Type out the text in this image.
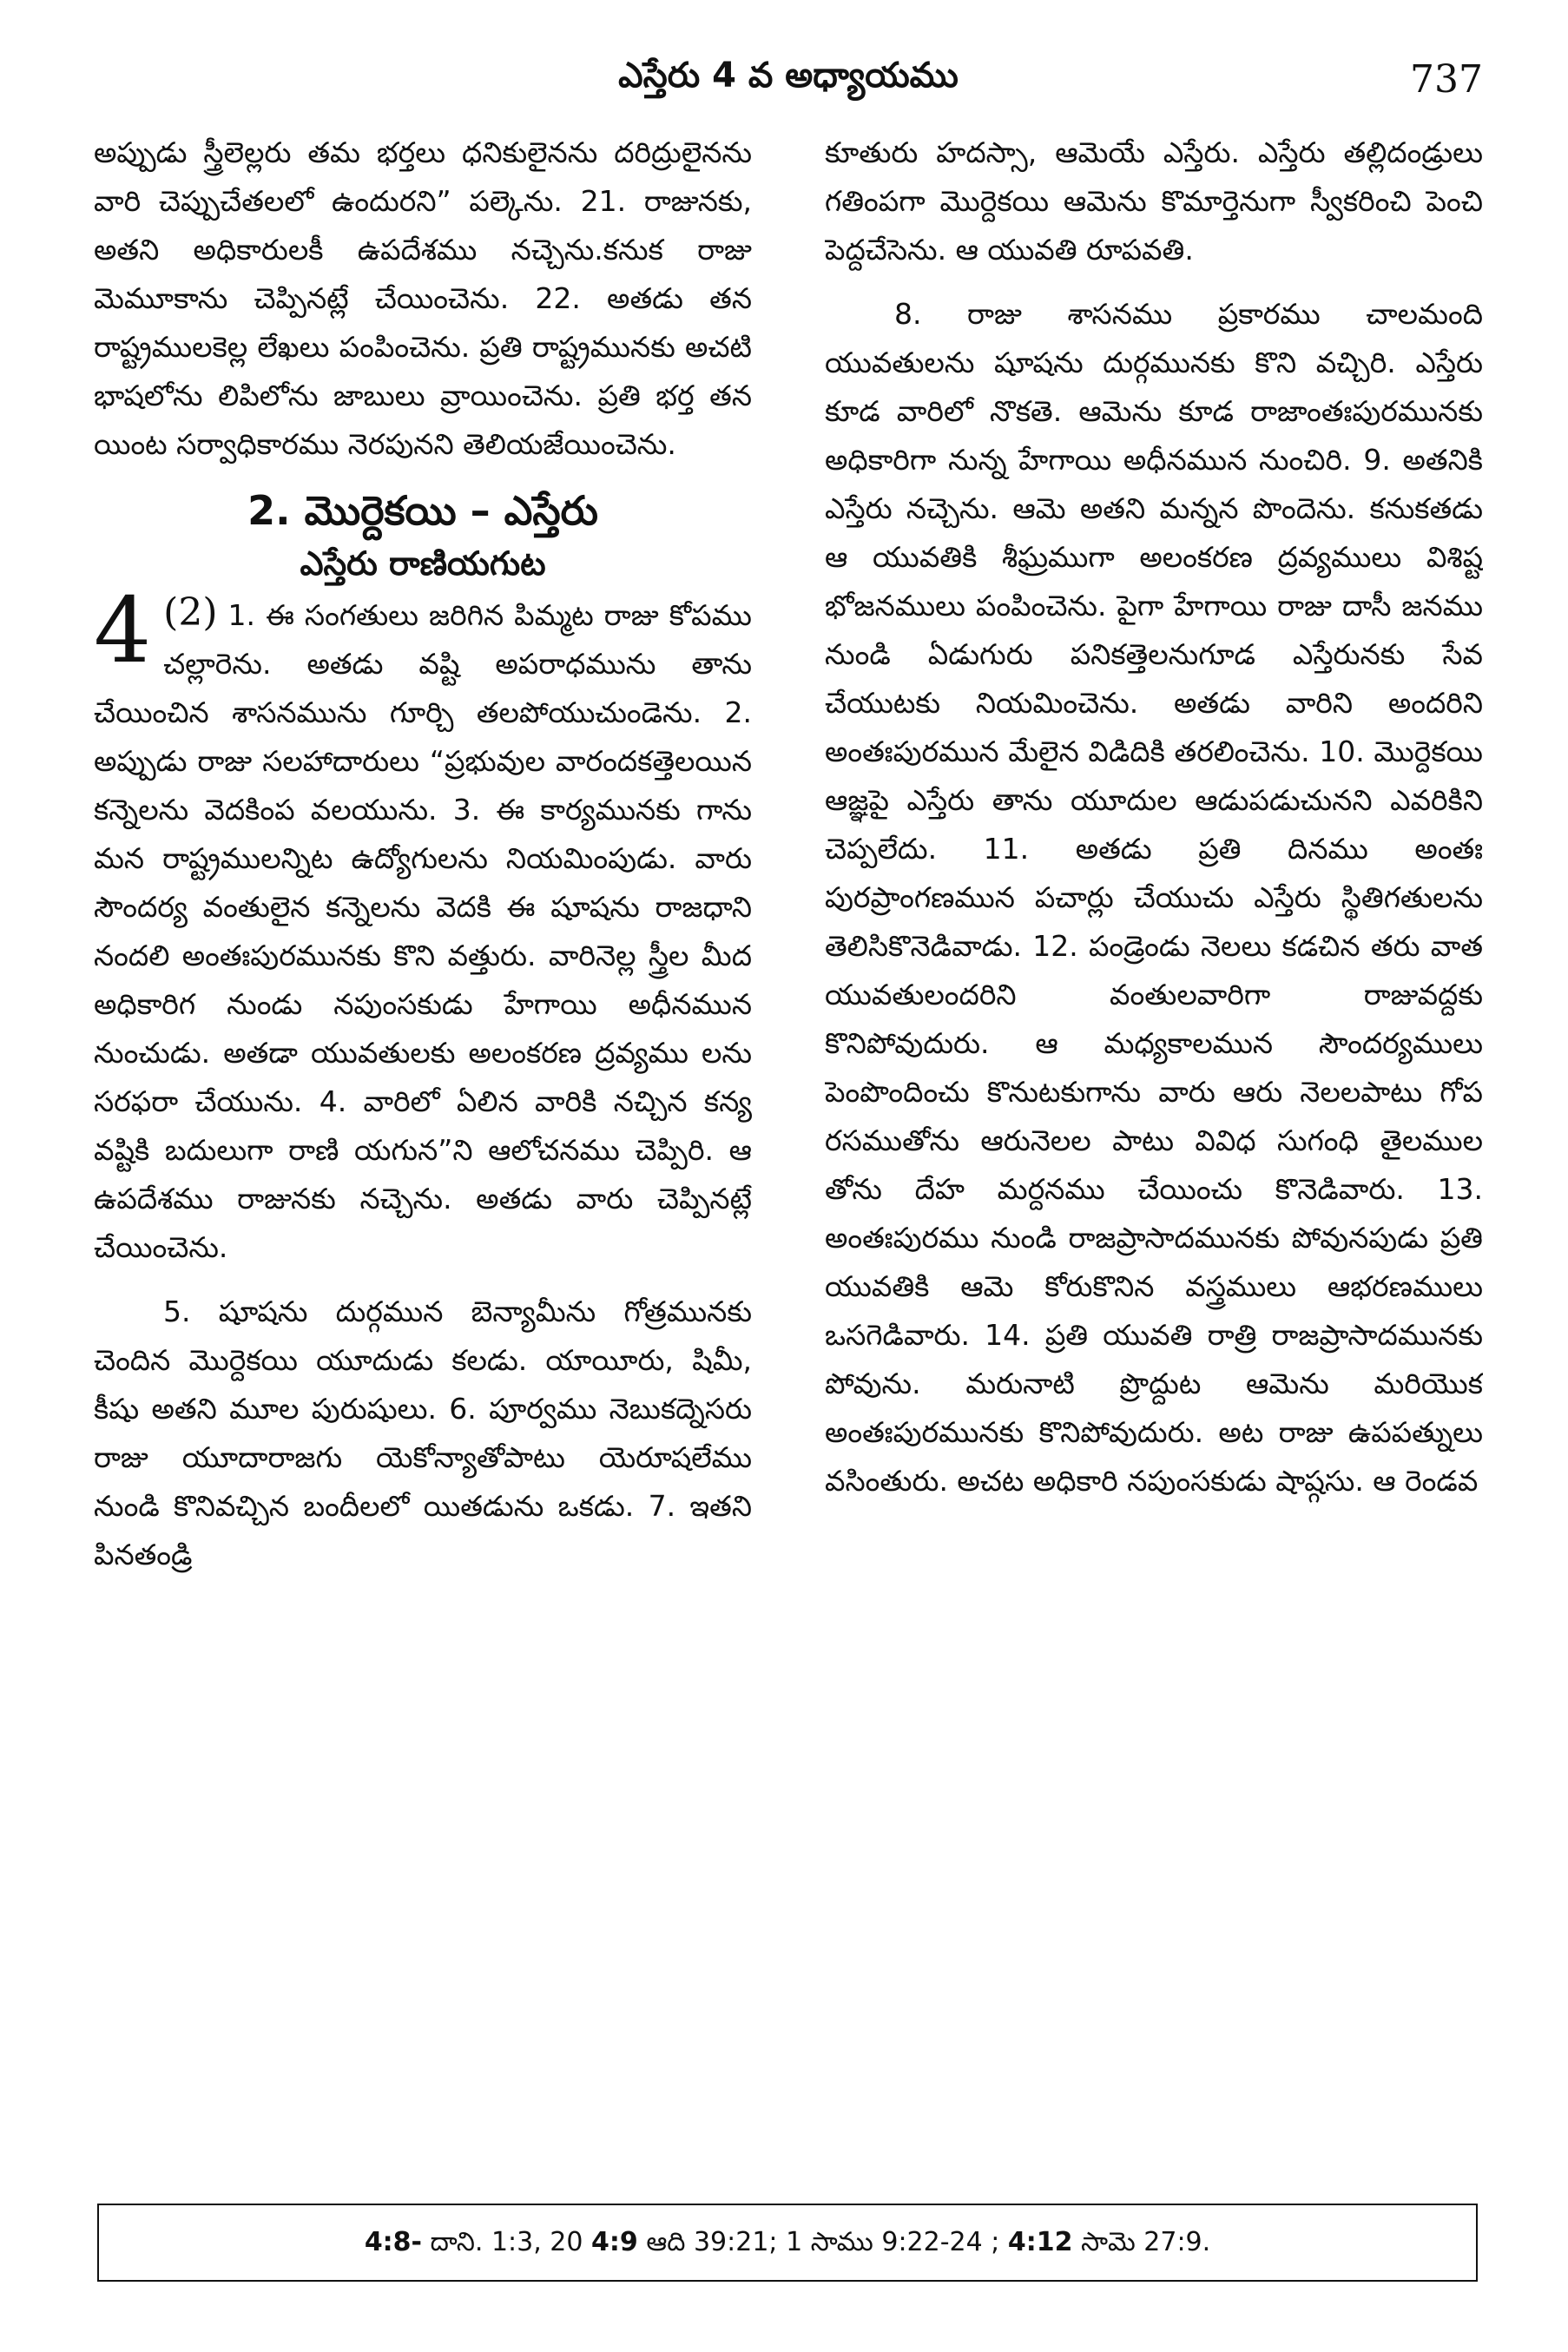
ఎస్తేరు 4 వ అధ్యాయము	737

అప్పుడు స్త్రీలెల్లరు తమ భర్తలు ధనికులైనను దరిద్రులైనను వారి చెప్పుచేతలలో ఉందురని” పల్కెను. 21. రాజునకు, అతని అధికారులకీ ఉపదేశము నచ్చెను.కనుక రాజు మెమూకాను చెప్పినట్లే చేయించెను. 22. అతడు తన రాష్ట్రములకెల్ల లేఖలు పంపించెను. ప్రతి రాష్ట్రమునకు అచటి భాషలోను లిపిలోను జాబులు వ్రాయించెను. ప్రతి భర్త తన యింట సర్వాధికారము నెరపునని తెలియజేయించెను.

2. మొర్దెకయి – ఎస్తేరు
ఎస్తేరు రాణియగుట

4 (2) 1. ఈ సంగతులు జరిగిన పిమ్మట రాజు కోపము చల్లారెను. అతడు వష్టి అపరాధమును తాను చేయించిన శాసనమును గూర్చి తలపోయుచుండెను. 2. అప్పుడు రాజు సలహాదారులు “ప్రభువుల వారందకత్తెలయిన కన్నెలను వెదకింప వలయును. 3. ఈ కార్యమునకు గాను మన రాష్ట్రములన్నిట ఉద్యోగులను నియమింపుడు. వారు సౌందర్య వంతులైన కన్నెలను వెదకి ఈ షూషను రాజధాని నందలి అంతఃపురమునకు కొని వత్తురు. వారినెల్ల స్త్రీల మీద అధికారిగ నుండు నపుంసకుడు హేగాయి అధీనమున నుంచుడు. అతడా యువతులకు అలంకరణ ద్రవ్యము లను సరఫరా చేయును. 4. వారిలో ఏలిన వారికి నచ్చిన కన్య వష్టికి బదులుగా రాణి యగున”ని ఆలోచనము చెప్పిరి. ఆ ఉపదేశము రాజునకు నచ్చెను. అతడు వారు చెప్పినట్లే చేయించెను.

5. షూషను దుర్గమున బెన్యామీను గోత్రమునకు చెందిన మొర్దెకయి యూదుడు కలడు. యాయీరు, షిమీ, కీషు అతని మూల పురుషులు. 6. పూర్వము నెబుకద్నెసరు రాజు యూదారాజగు యెకోన్యాతోపాటు యెరూషలేము నుండి కొనివచ్చిన బందీలలో యితడును ఒకడు. 7. ఇతని పినతండ్రి

కూతురు హదస్సా, ఆమెయే ఎస్తేరు. ఎస్తేరు తల్లిదండ్రులు గతింపగా మొర్దెకయి ఆమెను కొమార్తెనుగా స్వీకరించి పెంచి పెద్దచేసెను. ఆ యువతి రూపవతి.

8. రాజు శాసనము ప్రకారము చాలమంది యువతులను షూషను దుర్గమునకు కొని వచ్చిరి. ఎస్తేరు కూడ వారిలో నొకతె. ఆమెను కూడ రాజాంతఃపురమునకు అధికారిగా నున్న హేగాయి అధీనమున నుంచిరి. 9. అతనికి ఎస్తేరు నచ్చెను. ఆమె అతని మన్నన పొందెను. కనుకతడు ఆ యువతికి శీఘ్రముగా అలంకరణ ద్రవ్యములు విశిష్ట భోజనములు పంపించెను. పైగా హేగాయి రాజు దాసీ జనము నుండి ఏడుగురు పనికత్తెలనుగూడ ఎస్తేరునకు సేవ చేయుటకు నియమించెను. అతడు వారిని అందరిని అంతఃపురమున మేలైన విడిదికి తరలించెను. 10. మొర్దెకయి ఆజ్ఞపై ఎస్తేరు తాను యూదుల ఆడుపడుచునని ఎవరికిని చెప్పలేదు. 11. అతడు ప్రతి దినము అంతః పురప్రాంగణమున పచార్లు చేయుచు ఎస్తేరు స్థితిగతులను తెలిసికొనెడివాడు. 12. పండ్రెండు నెలలు కడచిన తరు వాత యువతులందరిని వంతులవారిగా రాజువద్దకు కొనిపోవుదురు. ఆ మధ్యకాలమున సౌందర్యములు పెంపొందించు కొనుటకుగాను వారు ఆరు నెలలపాటు గోప రసముతోను ఆరునెలల పాటు వివిధ సుగంధి తైలముల తోను దేహ మర్దనము చేయించు కొనెడివారు. 13. అంతఃపురము నుండి రాజప్రాసాదమునకు పోవునపుడు ప్రతి యువతికి ఆమె కోరుకొనిన వస్త్రములు ఆభరణములు ఒసగెడివారు. 14. ప్రతి యువతి రాత్రి రాజప్రాసాదమునకు పోవును. మరునాటి ప్రొద్దుట ఆమెను మరియొక అంతఃపురమునకు కొనిపోవుదురు. అట రాజు ఉపపత్నులు వసింతురు. అచట అధికారి నపుంసకుడు షాష్గసు. ఆ రెండవ

4:8- దాని. 1:3, 20 4:9 ఆది 39:21; 1 సాము 9:22-24 ; 4:12 సామె 27:9.
